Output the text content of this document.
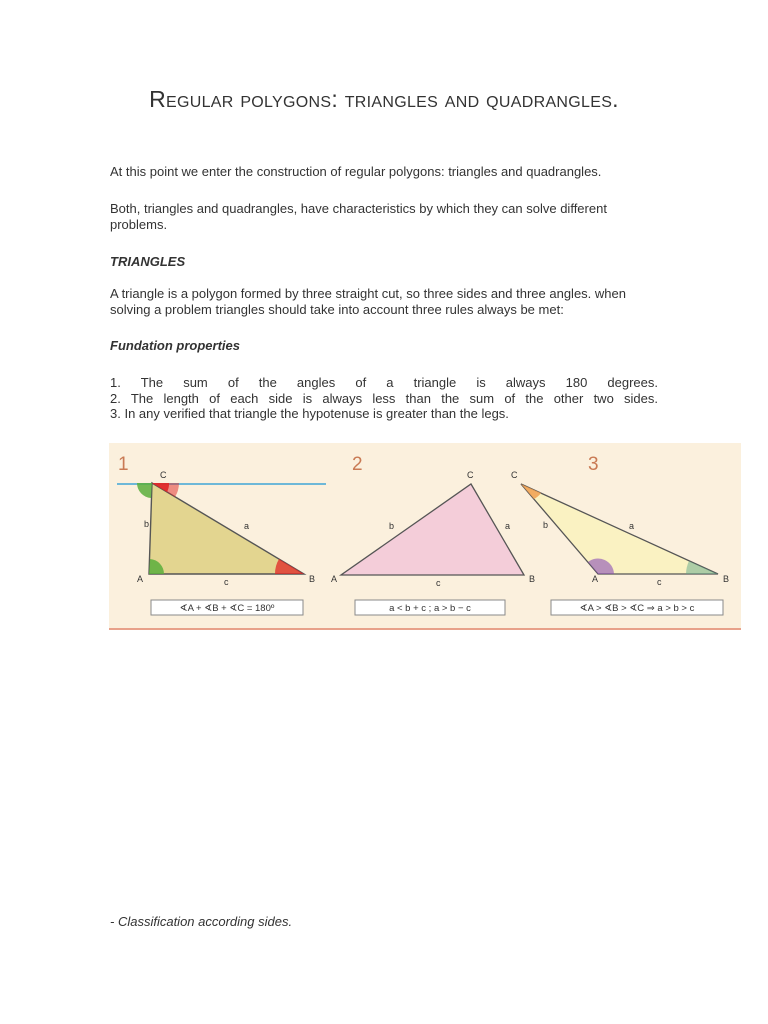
Regular polygons: triangles and quadrangles.

At this point we enter the construction of regular polygons: triangles and quadrangles.

Both, triangles and quadrangles, have characteristics by which they can solve different problems.

TRIANGLES

A triangle is a polygon formed by three straight cut, so three sides and three angles. when solving a problem triangles should take into account three rules always be met:

Fundation properties

1. The sum of the angles of a triangle is always 180 degrees.
2. The length of each side is always less than the sum of the other two sides.
3. In any verified that triangle the hypotenuse is greater than the legs.
1	C
A	B
b	a
c
∢A + ∢B + ∢C = 180º
2	C
A	B
b	a
c
a < b + c ; a > b − c
3
C
A	B
b	a
c
∢A > ∢B > ∢C ⇒ a > b > c

- Classification according sides.
